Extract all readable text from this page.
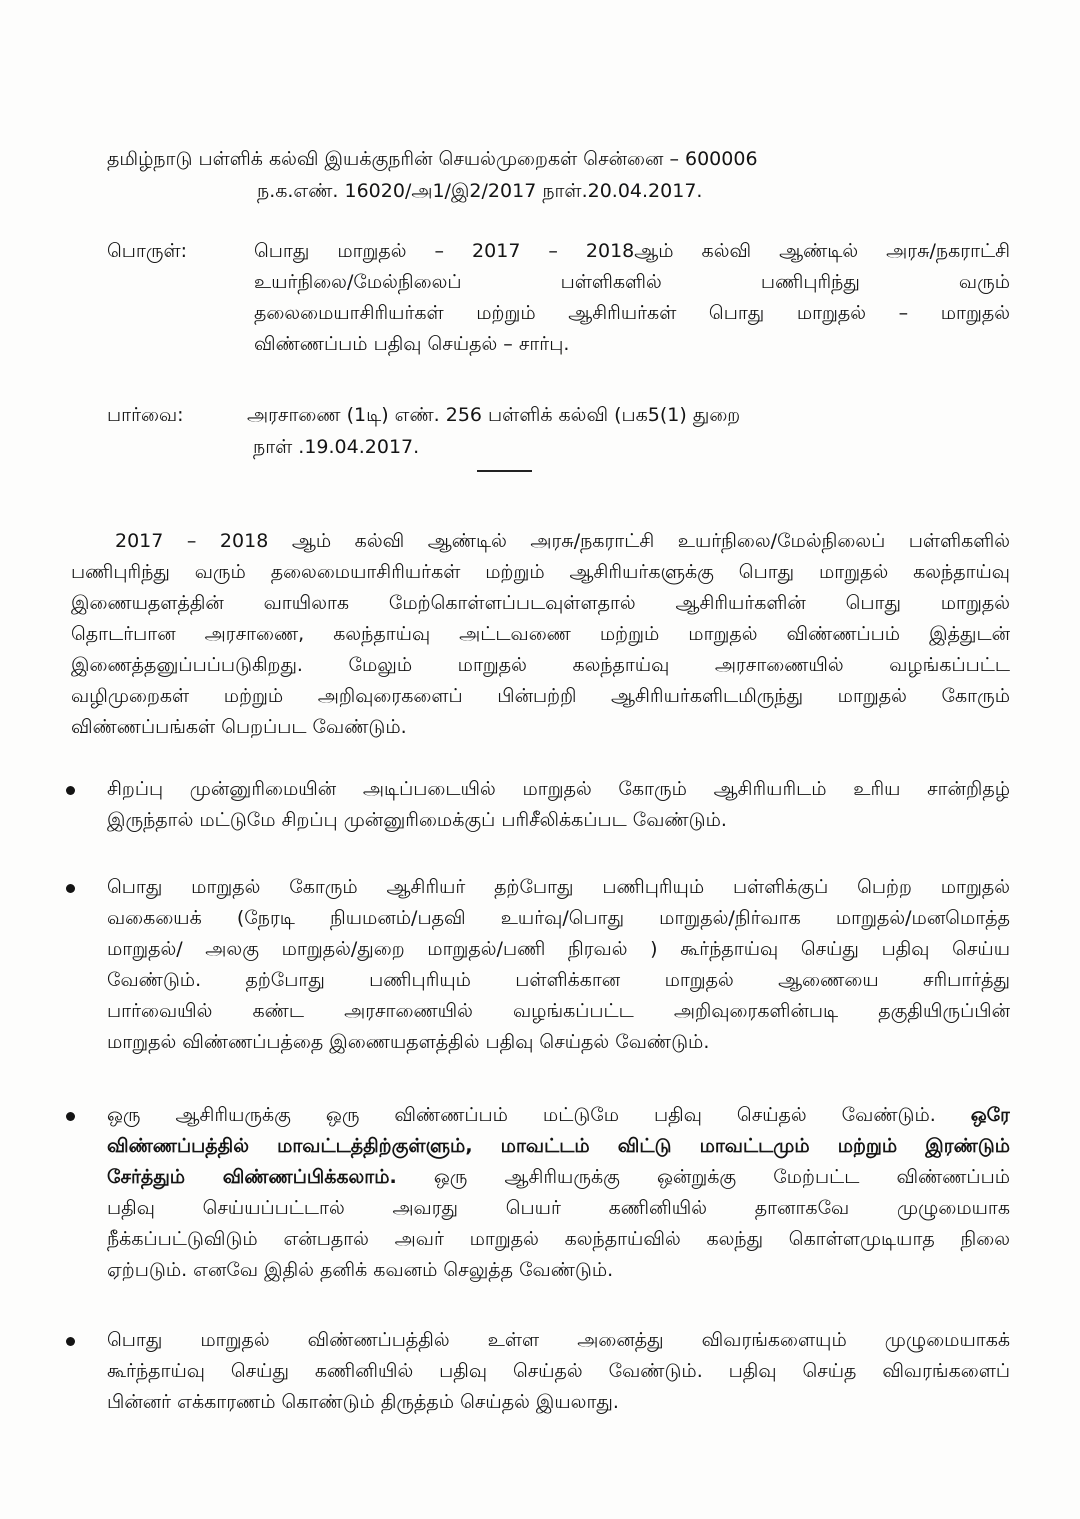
தமிழ்நாடு பள்ளிக் கல்வி இயக்குநரின் செயல்முறைகள் சென்னை – 600006
ந.க.எண். 16020/அ1/இ2/2017 நாள்.20.04.2017.
பொருள்:	பொது மாறுதல் – 2017 – 2018ஆம் கல்வி ஆண்டில் அரசு/நகராட்சி
உயர்நிலை/மேல்நிலைப் பள்ளிகளில் பணிபுரிந்து வரும்
தலைமையாசிரியர்கள் மற்றும் ஆசிரியர்கள் பொது மாறுதல் – மாறுதல்
விண்ணப்பம் பதிவு செய்தல் – சார்பு.
பார்வை:	அரசாணை (1டி) எண். 256 பள்ளிக் கல்வி (பக5(1) துறை
நாள் .19.04.2017.
2017 – 2018 ஆம் கல்வி ஆண்டில் அரசு/நகராட்சி உயர்நிலை/மேல்நிலைப் பள்ளிகளில்
பணிபுரிந்து வரும் தலைமையாசிரியர்கள் மற்றும் ஆசிரியர்களுக்கு பொது மாறுதல் கலந்தாய்வு
இணையதளத்தின் வாயிலாக மேற்கொள்ளப்படவுள்ளதால் ஆசிரியர்களின் பொது மாறுதல்
தொடர்பான அரசாணை, கலந்தாய்வு அட்டவணை மற்றும் மாறுதல் விண்ணப்பம் இத்துடன்
இணைத்தனுப்பப்படுகிறது. மேலும் மாறுதல் கலந்தாய்வு அரசாணையில் வழங்கப்பட்ட
வழிமுறைகள் மற்றும் அறிவுரைகளைப் பின்பற்றி ஆசிரியர்களிடமிருந்து மாறுதல் கோரும்
விண்ணப்பங்கள் பெறப்பட வேண்டும்.
சிறப்பு முன்னுரிமையின் அடிப்படையில் மாறுதல் கோரும் ஆசிரியரிடம் உரிய சான்றிதழ்
இருந்தால் மட்டுமே சிறப்பு முன்னுரிமைக்குப் பரிசீலிக்கப்பட வேண்டும்.
பொது மாறுதல் கோரும் ஆசிரியர் தற்போது பணிபுரியும் பள்ளிக்குப் பெற்ற மாறுதல்
வகையைக் (நேரடி நியமனம்/பதவி உயர்வு/பொது மாறுதல்/நிர்வாக மாறுதல்/மனமொத்த
மாறுதல்/ அலகு மாறுதல்/துறை மாறுதல்/பணி நிரவல் ) கூர்ந்தாய்வு செய்து பதிவு செய்ய
வேண்டும். தற்போது பணிபுரியும் பள்ளிக்கான மாறுதல் ஆணையை சரிபார்த்து
பார்வையில் கண்ட அரசாணையில் வழங்கப்பட்ட அறிவுரைகளின்படி தகுதியிருப்பின்
மாறுதல் விண்ணப்பத்தை இணையதளத்தில் பதிவு செய்தல் வேண்டும்.
ஒரு ஆசிரியருக்கு ஒரு விண்ணப்பம் மட்டுமே பதிவு செய்தல் வேண்டும். ஒரே
விண்ணப்பத்தில் மாவட்டத்திற்குள்ளும், மாவட்டம் விட்டு மாவட்டமும் மற்றும் இரண்டும்
சேர்த்தும் விண்ணப்பிக்கலாம். ஒரு ஆசிரியருக்கு ஒன்றுக்கு மேற்பட்ட விண்ணப்பம்
பதிவு செய்யப்பட்டால் அவரது பெயர் கணினியில் தானாகவே முழுமையாக
நீக்கப்பட்டுவிடும் என்பதால் அவர் மாறுதல் கலந்தாய்வில் கலந்து கொள்ளமுடியாத நிலை
ஏற்படும். எனவே இதில் தனிக் கவனம் செலுத்த வேண்டும்.
பொது மாறுதல் விண்ணப்பத்தில் உள்ள அனைத்து விவரங்களையும் முழுமையாகக்
கூர்ந்தாய்வு செய்து கணினியில் பதிவு செய்தல் வேண்டும். பதிவு செய்த விவரங்களைப்
பின்னர் எக்காரணம் கொண்டும் திருத்தம் செய்தல் இயலாது.
